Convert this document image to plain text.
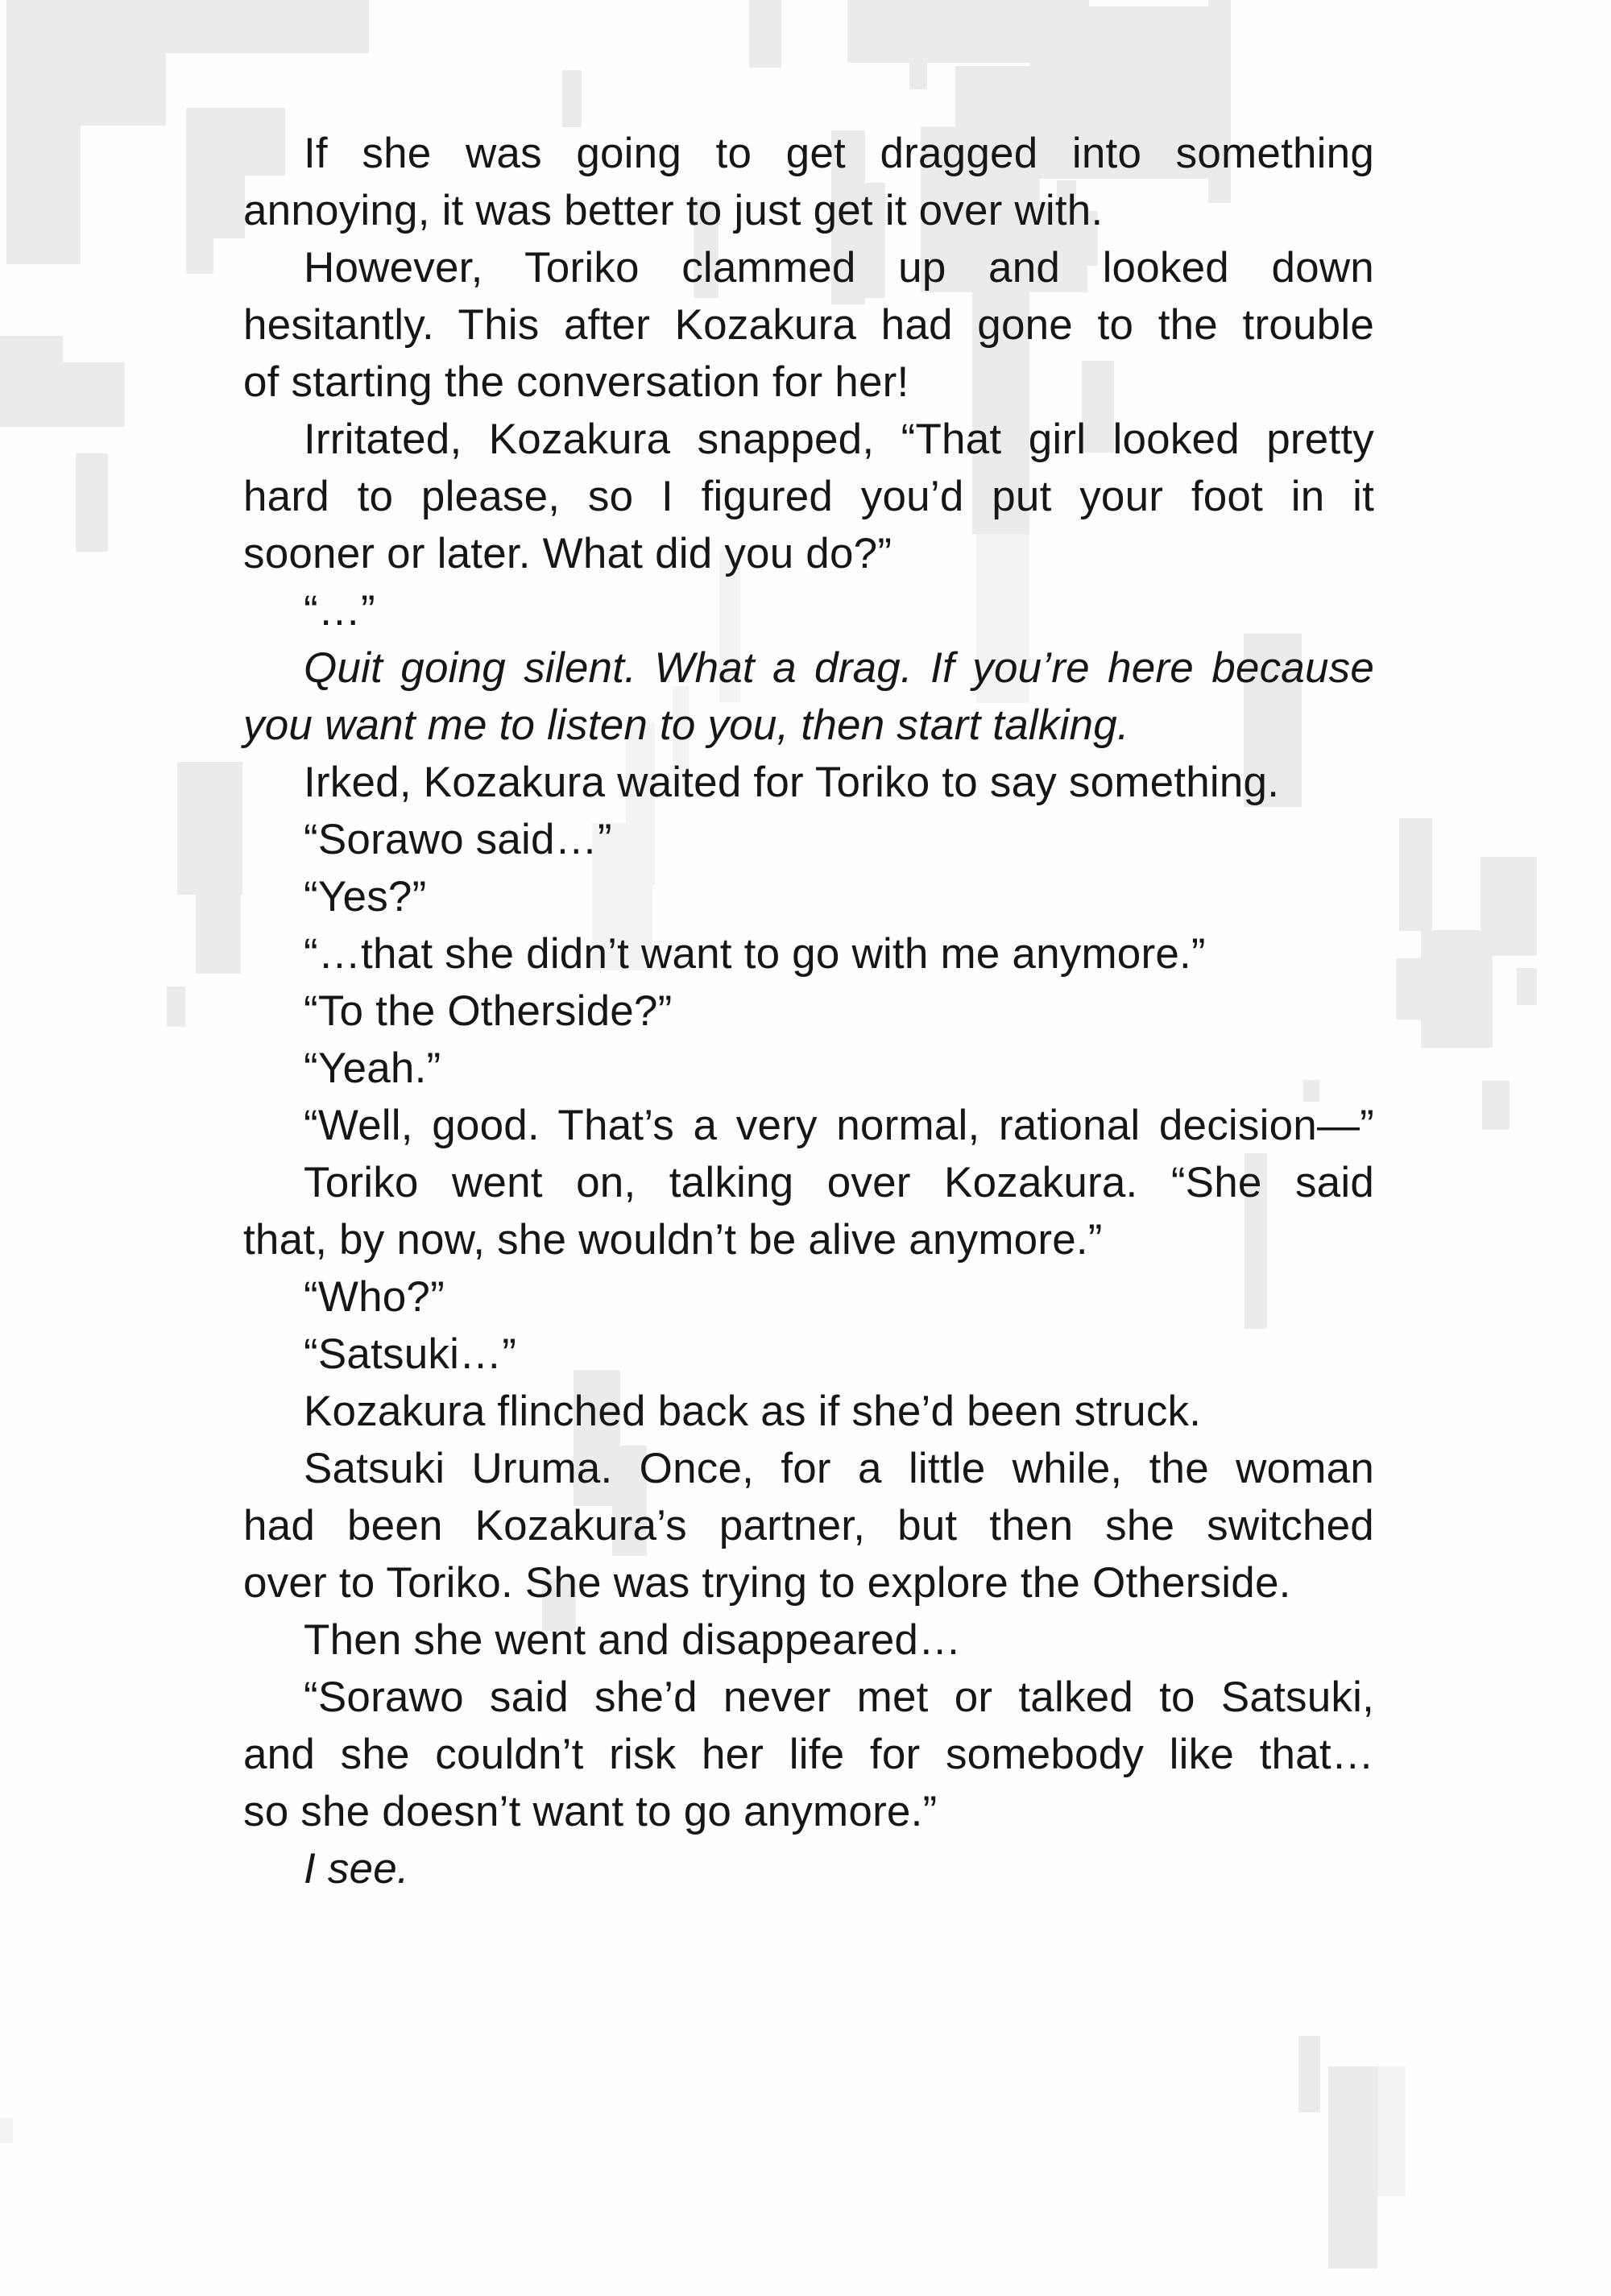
If she was going to get dragged into something
annoying, it was better to just get it over with.
However, Toriko clammed up and looked down
hesitantly. This after Kozakura had gone to the trouble
of starting the conversation for her!
Irritated, Kozakura snapped, “That girl looked pretty
hard to please, so I figured you’d put your foot in it
sooner or later. What did you do?”
“…”
Quit going silent. What a drag. If you’re here because
you want me to listen to you, then start talking.
Irked, Kozakura waited for Toriko to say something.
“Sorawo said…”
“Yes?”
“…that she didn’t want to go with me anymore.”
“To the Otherside?”
“Yeah.”
“Well, good. That’s a very normal, rational decision—”
Toriko went on, talking over Kozakura. “She said
that, by now, she wouldn’t be alive anymore.”
“Who?”
“Satsuki…”
Kozakura flinched back as if she’d been struck.
Satsuki Uruma. Once, for a little while, the woman
had been Kozakura’s partner, but then she switched
over to Toriko. She was trying to explore the Otherside.
Then she went and disappeared…
“Sorawo said she’d never met or talked to Satsuki,
and she couldn’t risk her life for somebody like that…
so she doesn’t want to go anymore.”
I see.
